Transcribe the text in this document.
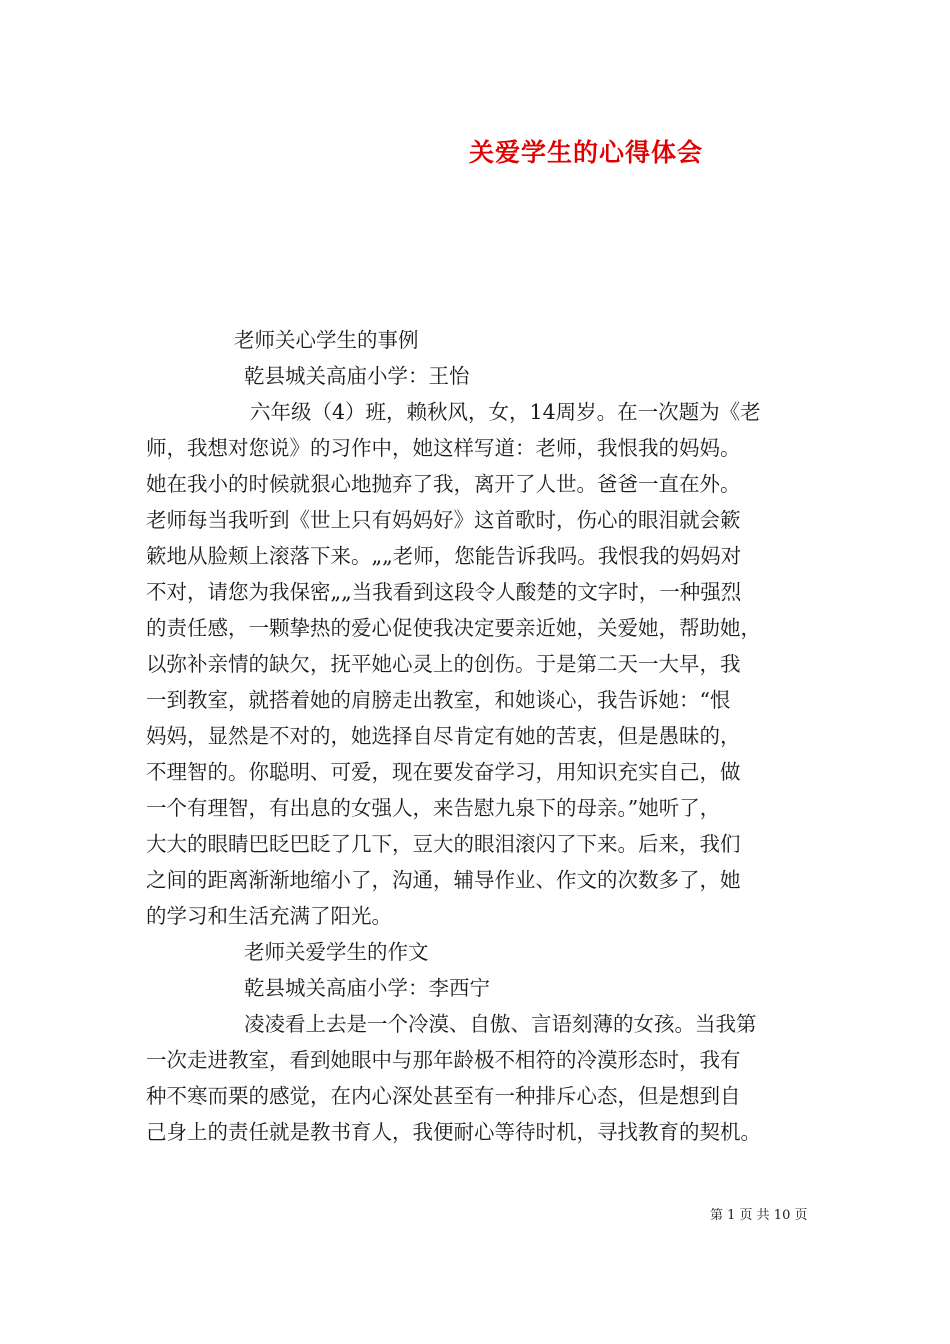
关爱学生的心得体会
老师关心学生的事例
乾县城关高庙小学：王怡
六年级（4）班，赖秋风，女，14周岁。在一次题为《老
师，我想对您说》的习作中，她这样写道：老师，我恨我的妈妈。
她在我小的时候就狠心地抛弃了我，离开了人世。爸爸一直在外。
老师每当我听到《世上只有妈妈好》这首歌时，伤心的眼泪就会簌
簌地从脸颊上滚落下来。„„老师，您能告诉我吗。我恨我的妈妈对
不对，请您为我保密„„当我看到这段令人酸楚的文字时，一种强烈
的责任感，一颗挚热的爱心促使我决定要亲近她，关爱她，帮助她，
以弥补亲情的缺欠，抚平她心灵上的创伤。于是第二天一大早，我
一到教室，就搭着她的肩膀走出教室，和她谈心，我告诉她：“恨
妈妈，显然是不对的，她选择自尽肯定有她的苦衷，但是愚昧的，
不理智的。你聪明、可爱，现在要发奋学习，用知识充实自己，做
一个有理智，有出息的女强人，来告慰九泉下的母亲。”她听了，
大大的眼睛巴眨巴眨了几下，豆大的眼泪滚闪了下来。后来，我们
之间的距离渐渐地缩小了，沟通，辅导作业、作文的次数多了，她
的学习和生活充满了阳光。
老师关爱学生的作文
乾县城关高庙小学：李西宁
凌凌看上去是一个冷漠、自傲、言语刻薄的女孩。当我第
一次走进教室，看到她眼中与那年龄极不相符的冷漠形态时，我有
种不寒而栗的感觉，在内心深处甚至有一种排斥心态，但是想到自
己身上的责任就是教书育人，我便耐心等待时机，寻找教育的契机。
第 1 页 共 10 页
